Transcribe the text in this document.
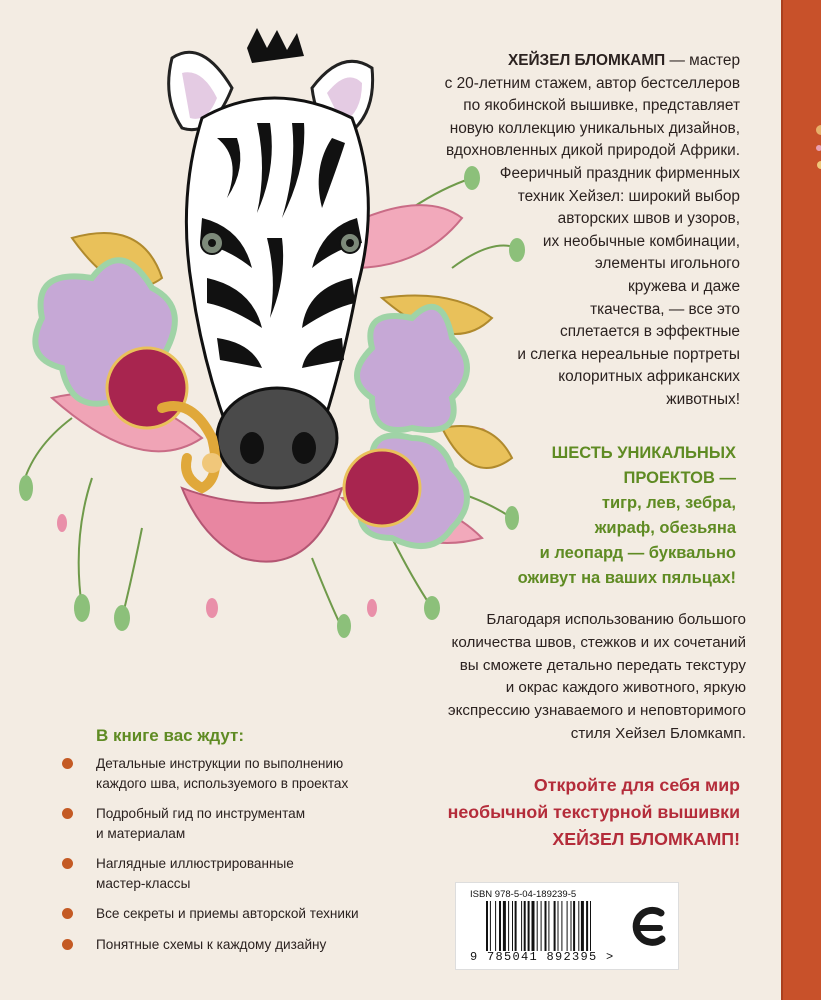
ХЕЙЗЕЛ БЛОМКАМП — мастер
с 20-летним стажем, автор бестселлеров
по якобинской вышивке, представляет
новую коллекцию уникальных дизайнов,
вдохновленных дикой природой Африки.
Фееричный праздник фирменных
техник Хейзел: широкий выбор
авторских швов и узоров,
их необычные комбинации,
элементы игольного
кружева и даже
ткачества, — все это
сплетается в эффектные
и слегка нереальные портреты
колоритных африканских
животных!
ШЕСТЬ УНИКАЛЬНЫХ
ПРОЕКТОВ —
тигр, лев, зебра,
жираф, обезьяна
и леопард — буквально
оживут на ваших пяльцах!
Благодаря использованию большого
количества швов, стежков и их сочетаний
вы сможете детально передать текстуру
и окрас каждого животного, яркую
экспрессию узнаваемого и неповторимого
стиля Хейзел Бломкамп.
Откройте для себя мир
необычной текстурной вышивки
ХЕЙЗЕЛ БЛОМКАМП!
В книге вас ждут:
Детальные инструкции по выполнению
каждого шва, используемого в проектах
Подробный гид по инструментам
и материалам
Наглядные иллюстрированные
мастер-классы
Все секреты и приемы авторской техники
Понятные схемы к каждому дизайну
ISBN 978-5-04-189239-5
9 785041 892395 >
